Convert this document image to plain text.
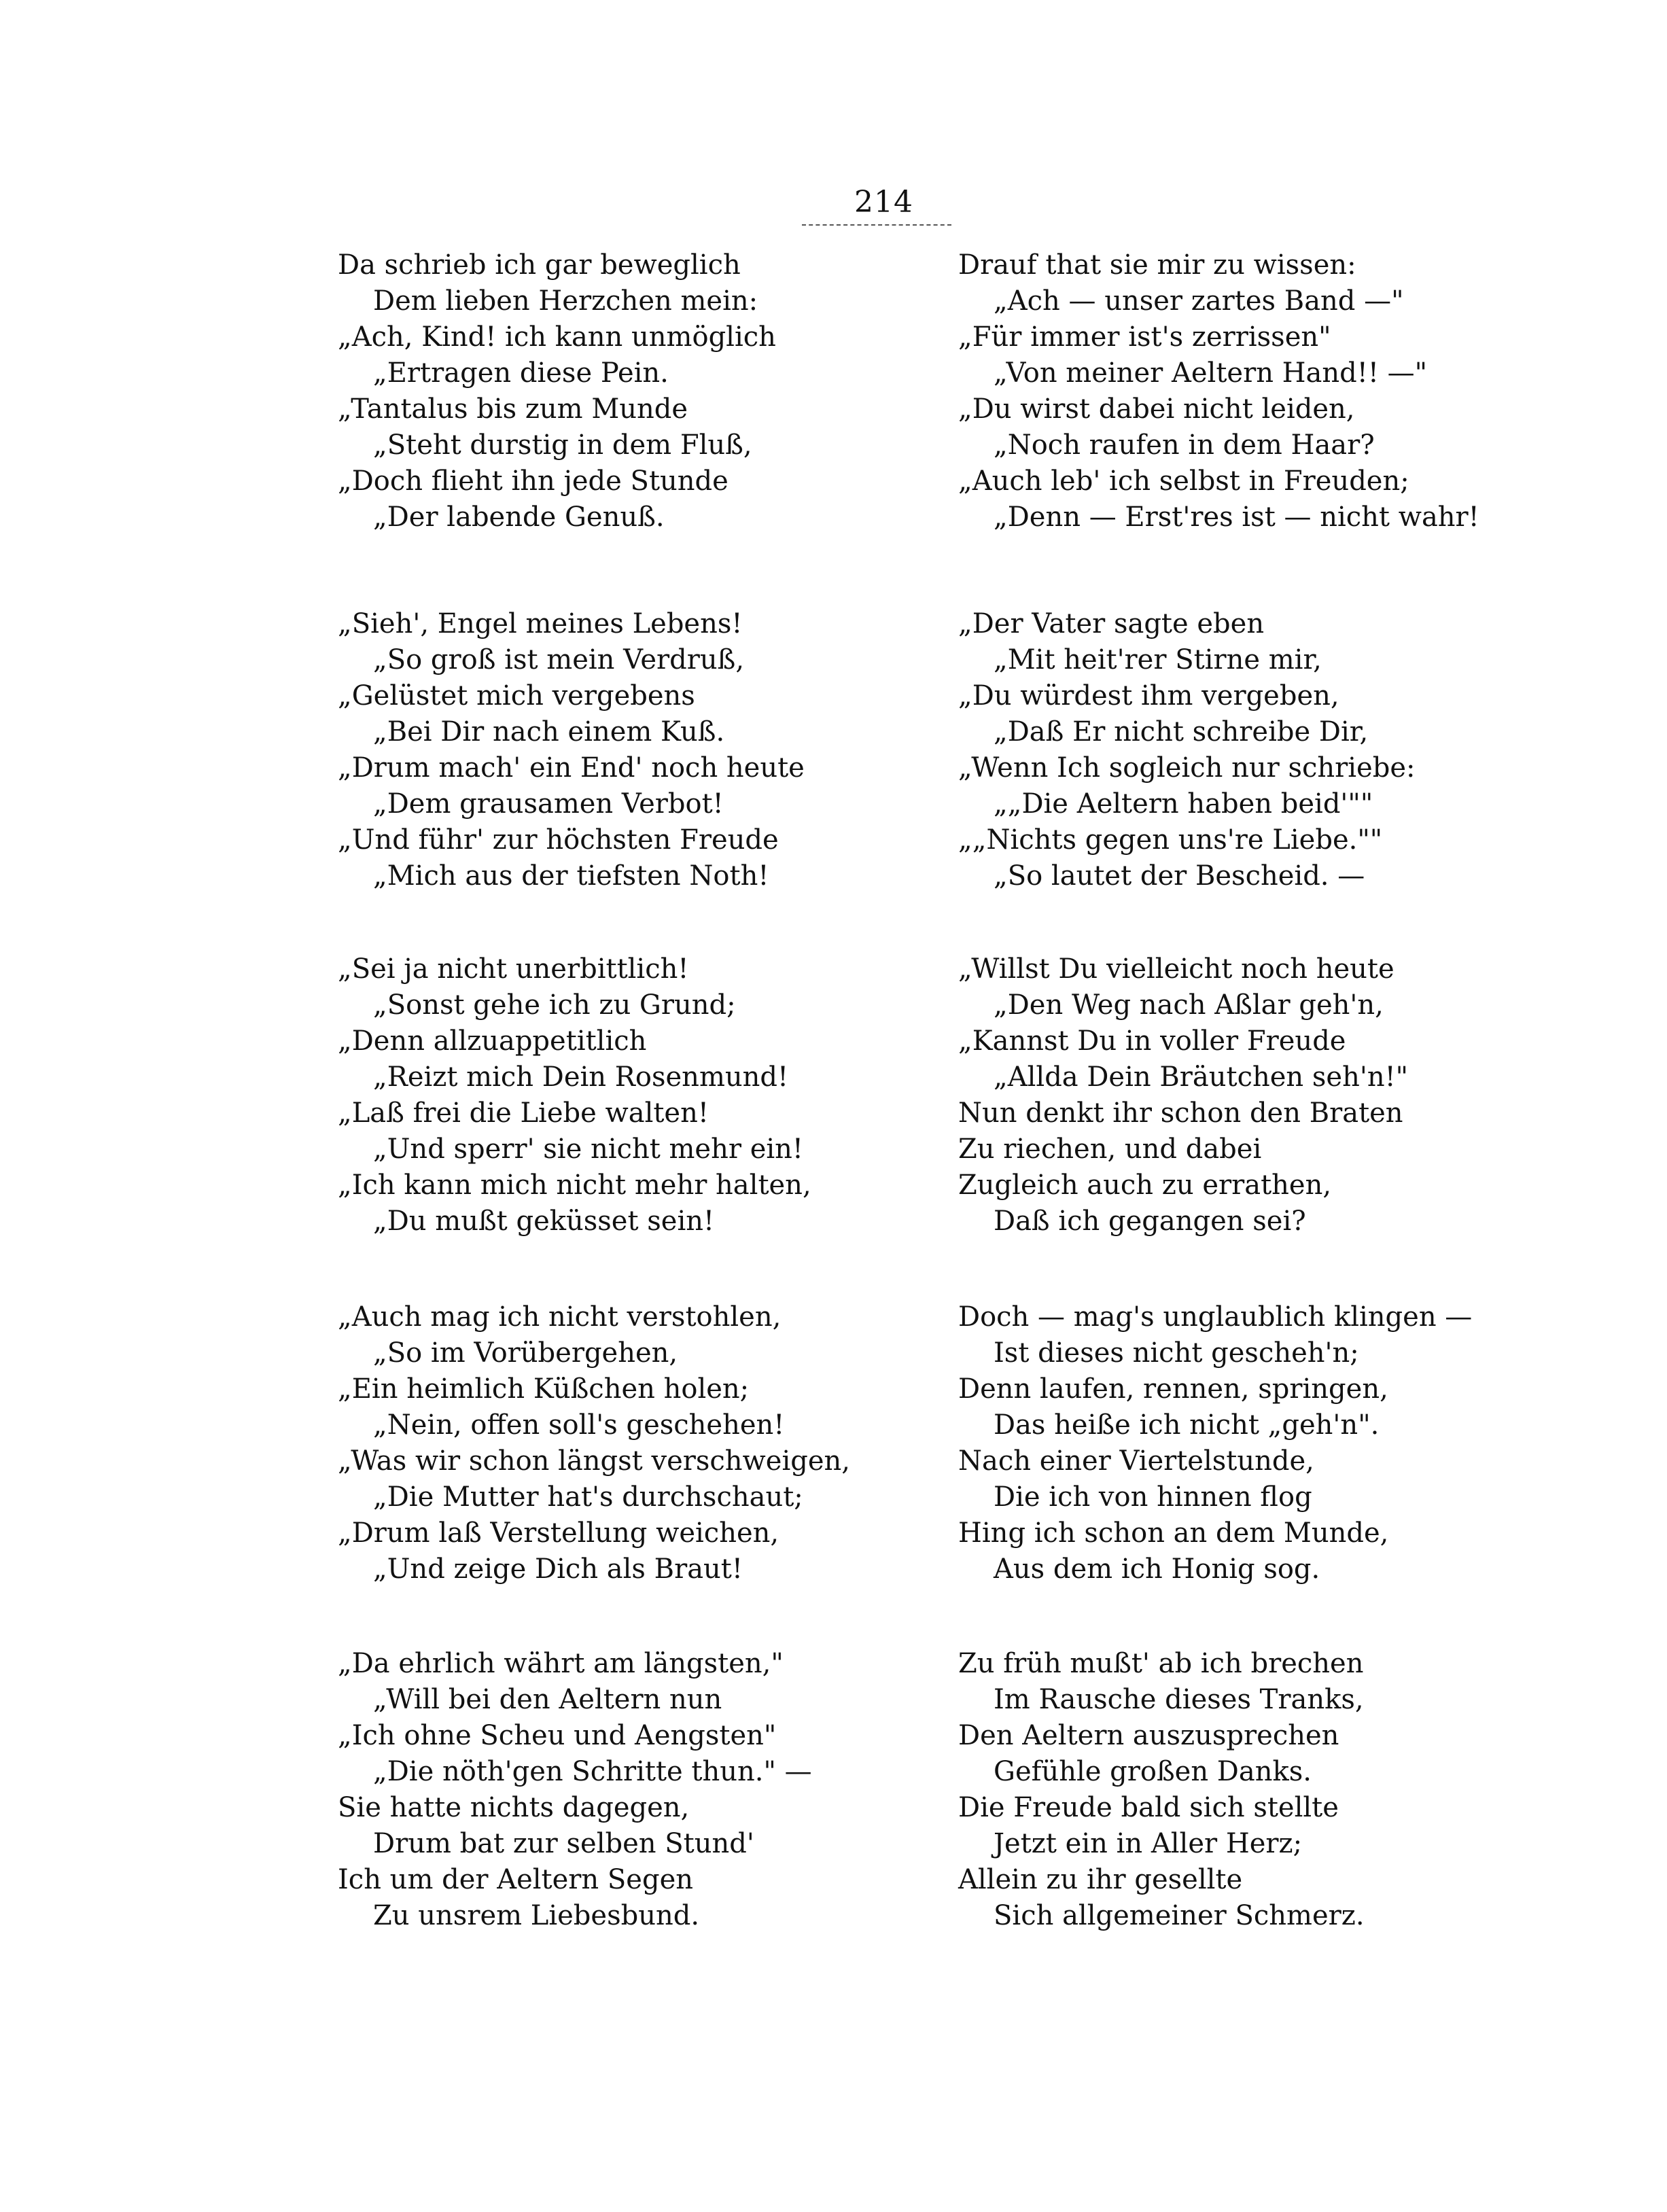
214
Da schrieb ich gar beweglich
Dem lieben Herzchen mein:
„Ach, Kind! ich kann unmöglich
„Ertragen diese Pein.
„Tantalus bis zum Munde
„Steht durstig in dem Fluß,
„Doch flieht ihn jede Stunde
„Der labende Genuß.
„Sieh', Engel meines Lebens!
„So groß ist mein Verdruß,
„Gelüstet mich vergebens
„Bei Dir nach einem Kuß.
„Drum mach' ein End' noch heute
„Dem grausamen Verbot!
„Und führ' zur höchsten Freude
„Mich aus der tiefsten Noth!
„Sei ja nicht unerbittlich!
„Sonst gehe ich zu Grund;
„Denn allzuappetitlich
„Reizt mich Dein Rosenmund!
„Laß frei die Liebe walten!
„Und sperr' sie nicht mehr ein!
„Ich kann mich nicht mehr halten,
„Du mußt geküsset sein!
„Auch mag ich nicht verstohlen,
„So im Vorübergehen,
„Ein heimlich Küßchen holen;
„Nein, offen soll's geschehen!
„Was wir schon längst verschweigen,
„Die Mutter hat's durchschaut;
„Drum laß Verstellung weichen,
„Und zeige Dich als Braut!
„Da ehrlich währt am längsten,"
„Will bei den Aeltern nun
„Ich ohne Scheu und Aengsten"
„Die nöth'gen Schritte thun." —
Sie hatte nichts dagegen,
Drum bat zur selben Stund'
Ich um der Aeltern Segen
Zu unsrem Liebesbund.
Drauf that sie mir zu wissen:
„Ach — unser zartes Band —"
„Für immer ist's zerrissen"
„Von meiner Aeltern Hand!! —"
„Du wirst dabei nicht leiden,
„Noch raufen in dem Haar?
„Auch leb' ich selbst in Freuden;
„Denn — Erst'res ist — nicht wahr!
„Der Vater sagte eben
„Mit heit'rer Stirne mir,
„Du würdest ihm vergeben,
„Daß Er nicht schreibe Dir,
„Wenn Ich sogleich nur schriebe:
„„Die Aeltern haben beid'""
„„Nichts gegen uns're Liebe.""
„So lautet der Bescheid. —
„Willst Du vielleicht noch heute
„Den Weg nach Aßlar geh'n,
„Kannst Du in voller Freude
„Allda Dein Bräutchen seh'n!"
Nun denkt ihr schon den Braten
Zu riechen, und dabei
Zugleich auch zu errathen,
Daß ich gegangen sei?
Doch — mag's unglaublich klingen —
Ist dieses nicht gescheh'n;
Denn laufen, rennen, springen,
Das heiße ich nicht „geh'n".
Nach einer Viertelstunde,
Die ich von hinnen flog
Hing ich schon an dem Munde,
Aus dem ich Honig sog.
Zu früh mußt' ab ich brechen
Im Rausche dieses Tranks,
Den Aeltern auszusprechen
Gefühle großen Danks.
Die Freude bald sich stellte
Jetzt ein in Aller Herz;
Allein zu ihr gesellte
Sich allgemeiner Schmerz.
